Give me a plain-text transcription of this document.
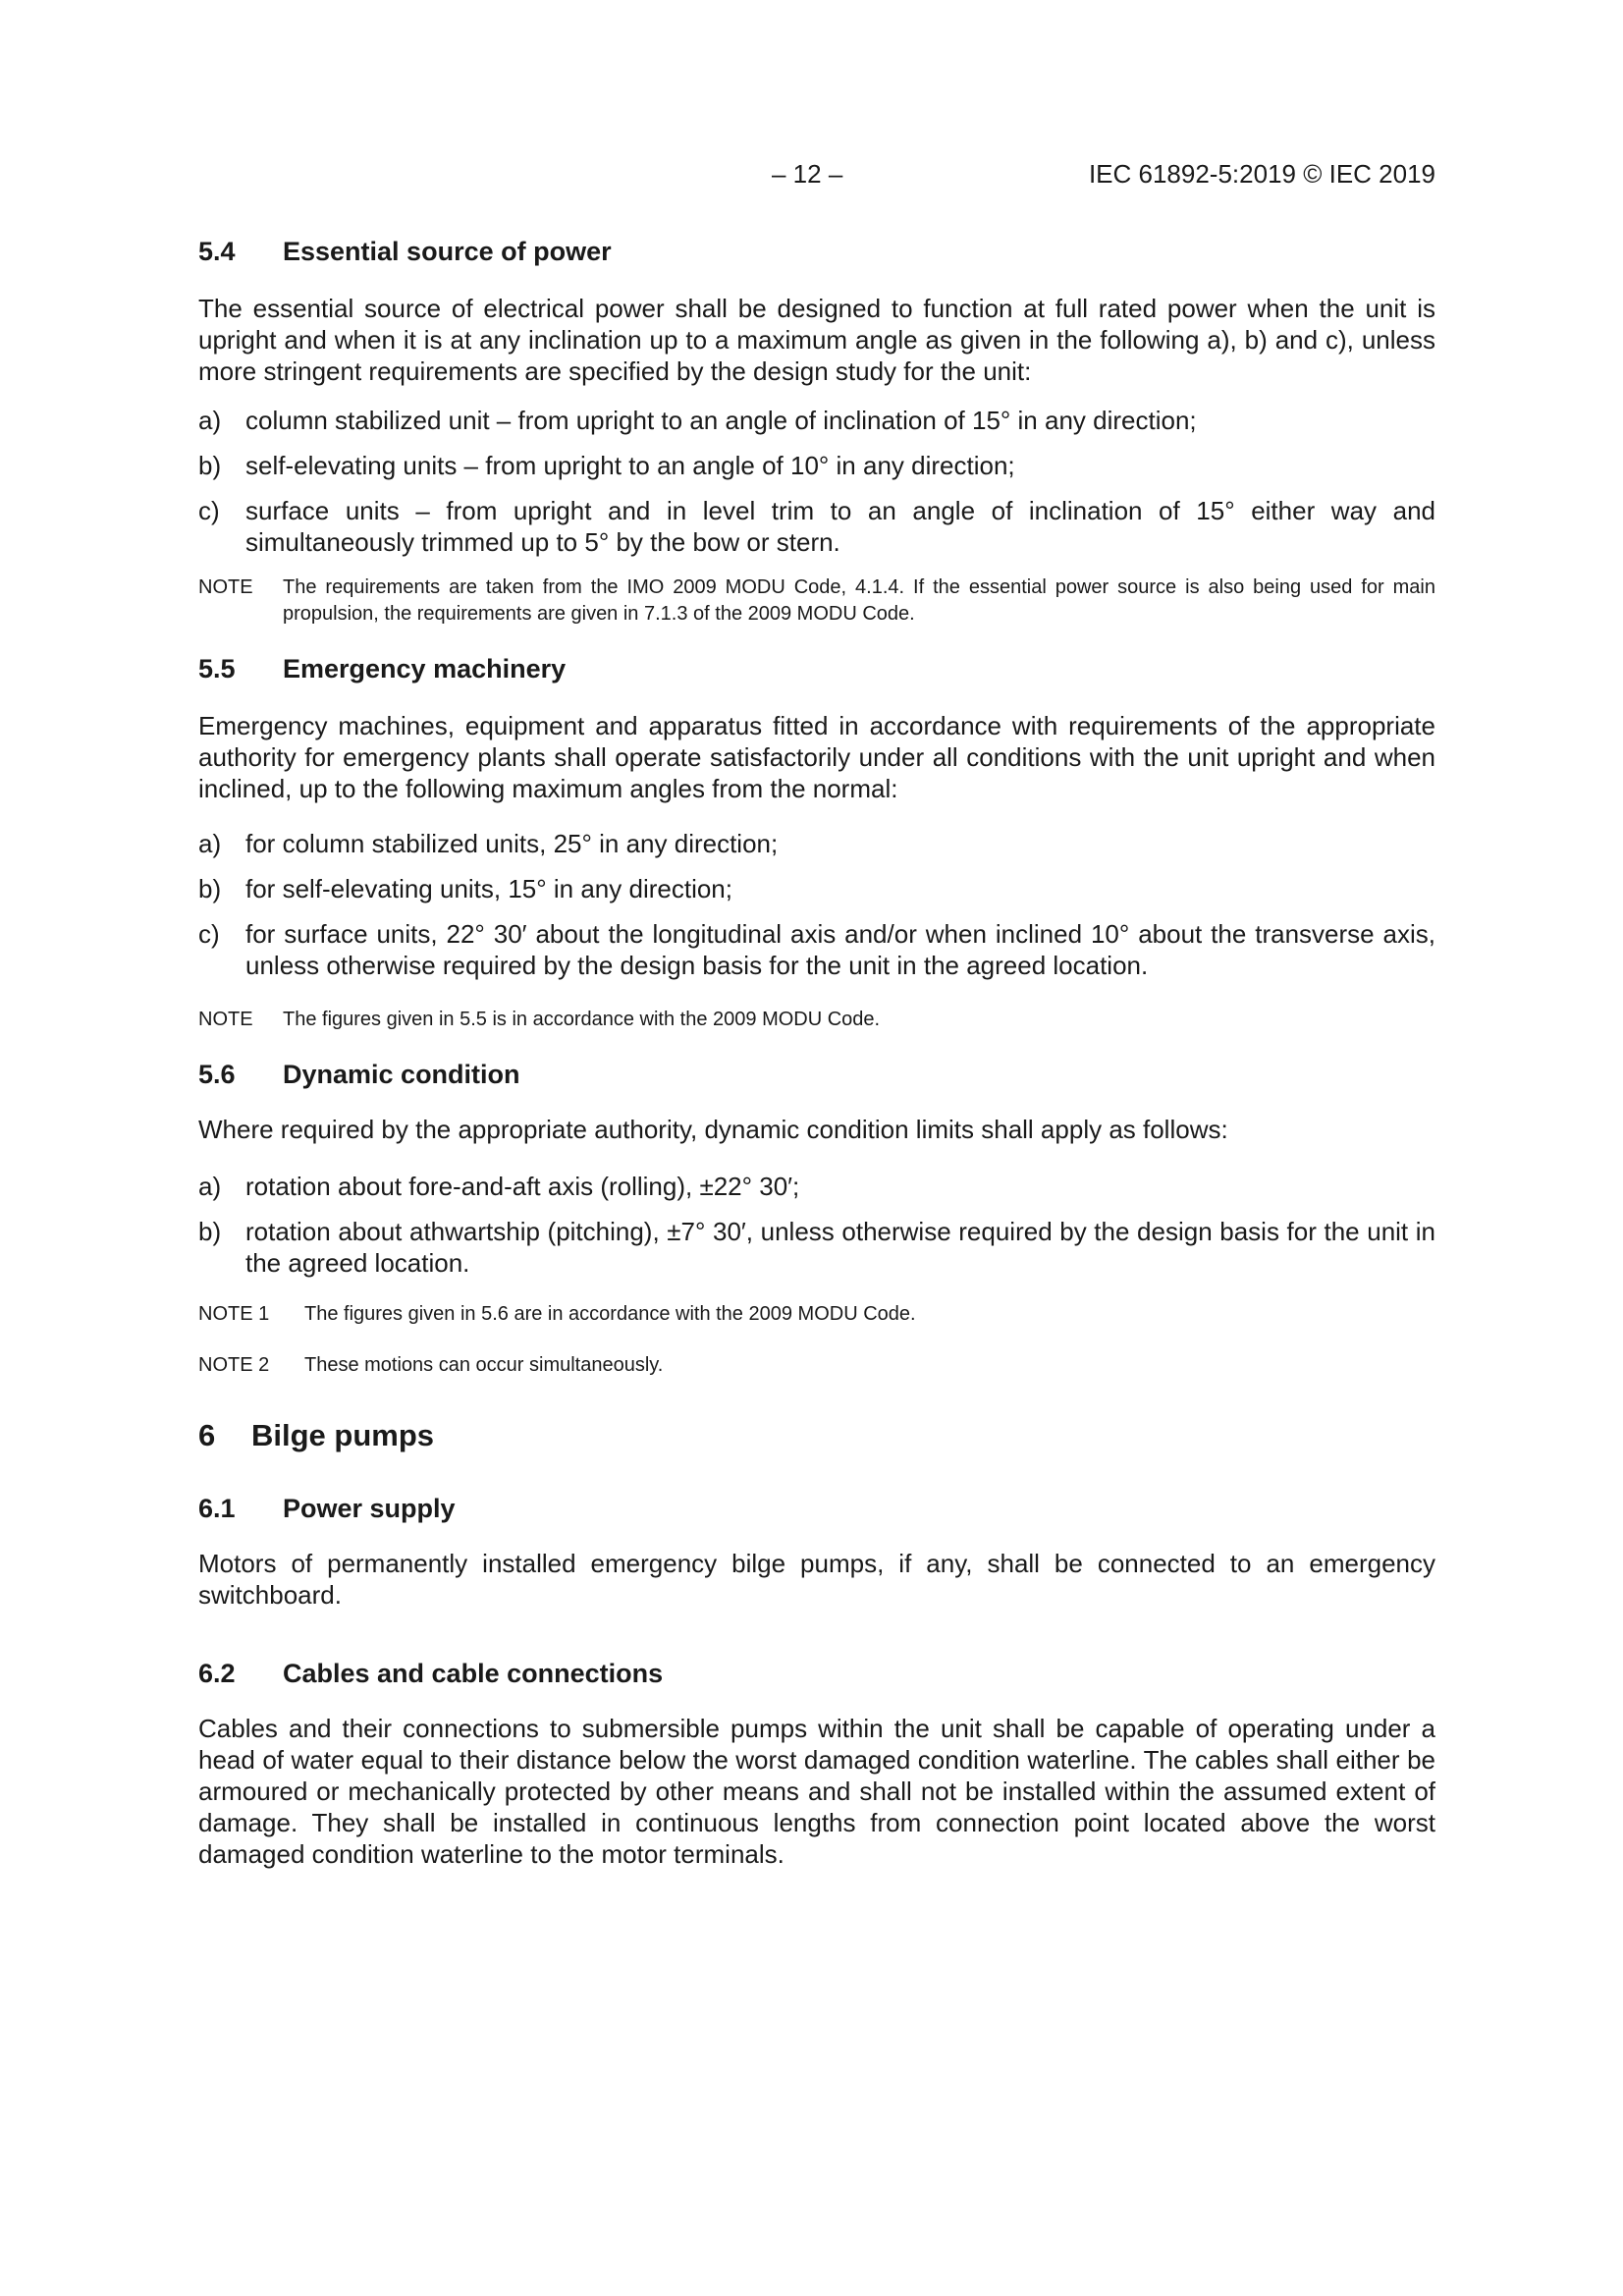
– 12 –	IEC 61892-5:2019 © IEC 2019
5.4	Essential source of power

The essential source of electrical power shall be designed to function at full rated power when the unit is upright and when it is at any inclination up to a maximum angle as given in the following a), b) and c), unless more stringent requirements are specified by the design study for the unit:

a) column stabilized unit – from upright to an angle of inclination of 15° in any direction;
b) self-elevating units – from upright to an angle of 10° in any direction;
c)	surface units – from upright and in level trim to an angle of inclination of 15° either way and simultaneously trimmed up to 5° by the bow or stern.
NOTE	The requirements are taken from the IMO 2009 MODU Code, 4.1.4. If the essential power source is also being used for main propulsion, the requirements are given in 7.1.3 of the 2009 MODU Code.
5.5	Emergency machinery

Emergency machines, equipment and apparatus fitted in accordance with requirements of the appropriate authority for emergency plants shall operate satisfactorily under all conditions with the unit upright and when inclined, up to the following maximum angles from the normal:

a) for column stabilized units, 25° in any direction;
b) for self-elevating units, 15° in any direction;
c)	for surface units, 22° 30′ about the longitudinal axis and/or when inclined 10° about the transverse axis, unless otherwise required by the design basis for the unit in the agreed location.
NOTE	The figures given in 5.5 is in accordance with the 2009 MODU Code.
5.6	Dynamic condition

Where required by the appropriate authority, dynamic condition limits shall apply as follows:

a) rotation about fore-and-aft axis (rolling), ±22° 30′;
b) rotation about athwartship (pitching), ±7° 30′, unless otherwise required by the design basis for the unit in the agreed location.
NOTE 1	The figures given in 5.6 are in accordance with the 2009 MODU Code.
NOTE 2	These motions can occur simultaneously.
6	Bilge pumps
6.1	Power supply

Motors of permanently installed emergency bilge pumps, if any, shall be connected to an emergency switchboard.

6.2	Cables and cable connections

Cables and their connections to submersible pumps within the unit shall be capable of operating under a head of water equal to their distance below the worst damaged condition waterline. The cables shall either be armoured or mechanically protected by other means and shall not be installed within the assumed extent of damage. They shall be installed in continuous lengths from connection point located above the worst damaged condition waterline to the motor terminals.
